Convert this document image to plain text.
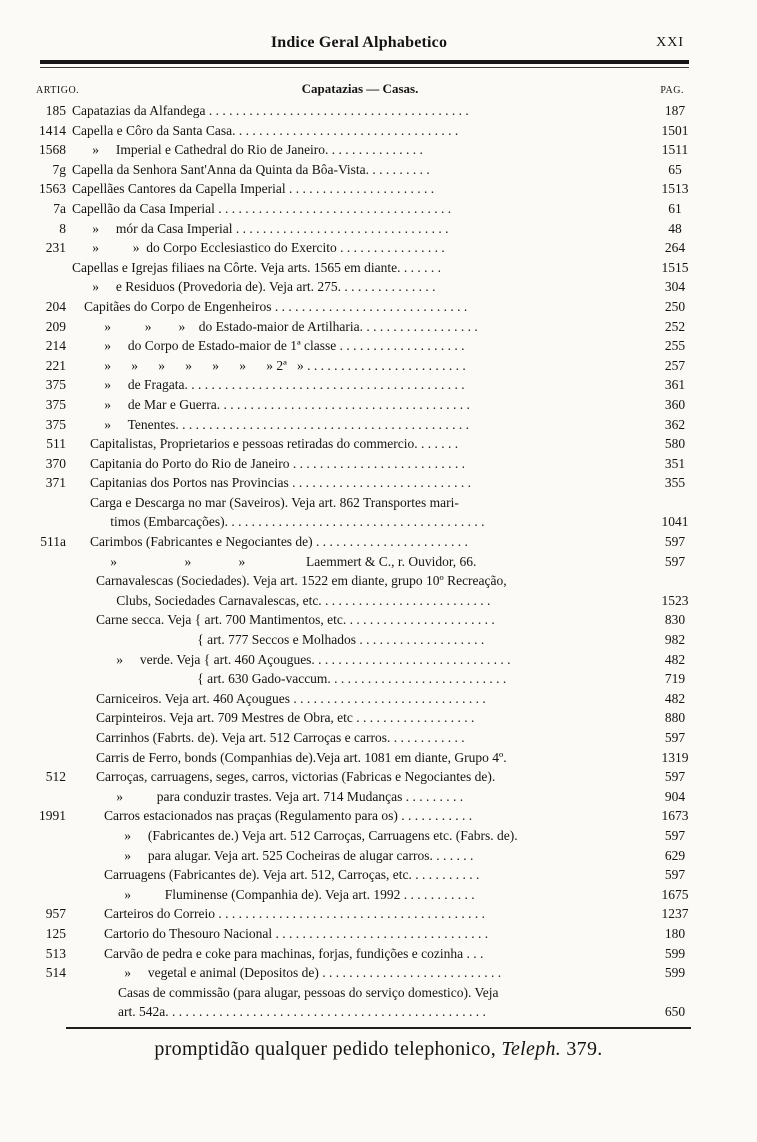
Indice Geral Alphabetico	XXI
ARTIGO.	Capatazias — Casas.	PAG.
185 Capatazias da Alfandega . . . . . . . . . . . . . . . . . . . . . . . . . . . . . . . . . . . . . . .	187
1414 Capella e Côro da Santa Casa. . . . . . . . . . . . . . . . . . . . . . . . . . . . . . . . . .	1501
1568 »     Imperial e Cathedral do Rio de Janeiro. . . . . . . . . . . . . . .	1511
7g Capella da Senhora Sant'Anna da Quinta da Bôa-Vista. . . . . . . . . .	65
1563 Capellães Cantores da Capella Imperial . . . . . . . . . . . . . . . . . . . . . .	1513
7a Capellão da Casa Imperial . . . . . . . . . . . . . . . . . . . . . . . . . . . . . . . . . . .	61
8 »     mór da Casa Imperial . . . . . . . . . . . . . . . . . . . . . . . . . . . . . . . .	48
231 »          »  do Corpo Ecclesiastico do Exercito . . . . . . . . . . . . . . . .	264
Capellas e Igrejas filiaes na Côrte. Veja arts. 1565 em diante. . . . . . .	1515
»     e Residuos (Provedoria de). Veja art. 275. . . . . . . . . . . . . . .	304
204 Capitães do Corpo de Engenheiros . . . . . . . . . . . . . . . . . . . . . . . . . . . . .	250
209 »          »        »    do Estado-maior de Artilharia. . . . . . . . . . . . . . . . . .	252
214 »     do Corpo de Estado-maior de 1ª classe . . . . . . . . . . . . . . . . . . .	255
221 »      »      »      »      »      »      » 2ª   » . . . . . . . . . . . . . . . . . . . . . . . .	257
375 »     de Fragata. . . . . . . . . . . . . . . . . . . . . . . . . . . . . . . . . . . . . . . . . .	361
375 »     de Mar e Guerra. . . . . . . . . . . . . . . . . . . . . . . . . . . . . . . . . . . . . .	360
375 »     Tenentes. . . . . . . . . . . . . . . . . . . . . . . . . . . . . . . . . . . . . . . . . . . .	362
511 Capitalistas, Proprietarios e pessoas retiradas do commercio. . . . . . .	580
370 Capitania do Porto do Rio de Janeiro . . . . . . . . . . . . . . . . . . . . . . . . . .	351
371 Capitanias dos Portos nas Provincias . . . . . . . . . . . . . . . . . . . . . . . . . . .	355
Carga e Descarga no mar (Saveiros). Veja art. 862 Transportes mari-
timos (Embarcações). . . . . . . . . . . . . . . . . . . . . . . . . . . . . . . . . . . . . . .	1041
511a Carimbos (Fabricantes e Negociantes de) . . . . . . . . . . . . . . . . . . . . . . .	597
»                    »              »                  Laemmert & C., r. Ouvidor, 66.	597
Carnavalescas (Sociedades). Veja art. 1522 em diante, grupo 10º Recreação,
Clubs, Sociedades Carnavalescas, etc. . . . . . . . . . . . . . . . . . . . . . . . . .	1523
Carne secca. Veja { art. 700 Mantimentos, etc. . . . . . . . . . . . . . . . . . . . . . .	830
{ art. 777 Seccos e Molhados . . . . . . . . . . . . . . . . . . .	982
»     verde. Veja { art. 460 Açougues. . . . . . . . . . . . . . . . . . . . . . . . . . . . . .	482
{ art. 630 Gado-vaccum. . . . . . . . . . . . . . . . . . . . . . . . . . .	719
Carniceiros. Veja art. 460 Açougues . . . . . . . . . . . . . . . . . . . . . . . . . . . . .	482
Carpinteiros. Veja art. 709 Mestres de Obra, etc . . . . . . . . . . . . . . . . . .	880
Carrinhos (Fabrts. de). Veja art. 512 Carroças e carros. . . . . . . . . . . .	597
Carris de Ferro, bonds (Companhias de).Veja art. 1081 em diante, Grupo 4º.	1319
512 Carroças, carruagens, seges, carros, victorias (Fabricas e Negociantes de).	597
»          para conduzir trastes. Veja art. 714 Mudanças . . . . . . . . .	904
1991	Carros estacionados nas praças (Regulamento para os) . . . . . . . . . . .	1673
»     (Fabricantes de.) Veja art. 512 Carroças, Carruagens etc. (Fabrs. de).	597
»     para alugar. Veja art. 525 Cocheiras de alugar carros. . . . . . .	629
Carruagens (Fabricantes de). Veja art. 512, Carroças, etc. . . . . . . . . . .	597
»          Fluminense (Companhia de). Veja art. 1992 . . . . . . . . . . .	1675
957	Carteiros do Correio . . . . . . . . . . . . . . . . . . . . . . . . . . . . . . . . . . . . . . . .	1237
125	Cartorio do Thesouro Nacional . . . . . . . . . . . . . . . . . . . . . . . . . . . . . . . .	180
513	Carvão de pedra e coke para machinas, forjas, fundições e cozinha . . .	599
514	»     vegetal e animal (Depositos de) . . . . . . . . . . . . . . . . . . . . . . . . . . .	599
Casas de commissão (para alugar, pessoas do serviço domestico). Veja
art. 542a. . . . . . . . . . . . . . . . . . . . . . . . . . . . . . . . . . . . . . . . . . . . . . . .	650
promptidão qualquer pedido telephonico, Teleph. 379.
